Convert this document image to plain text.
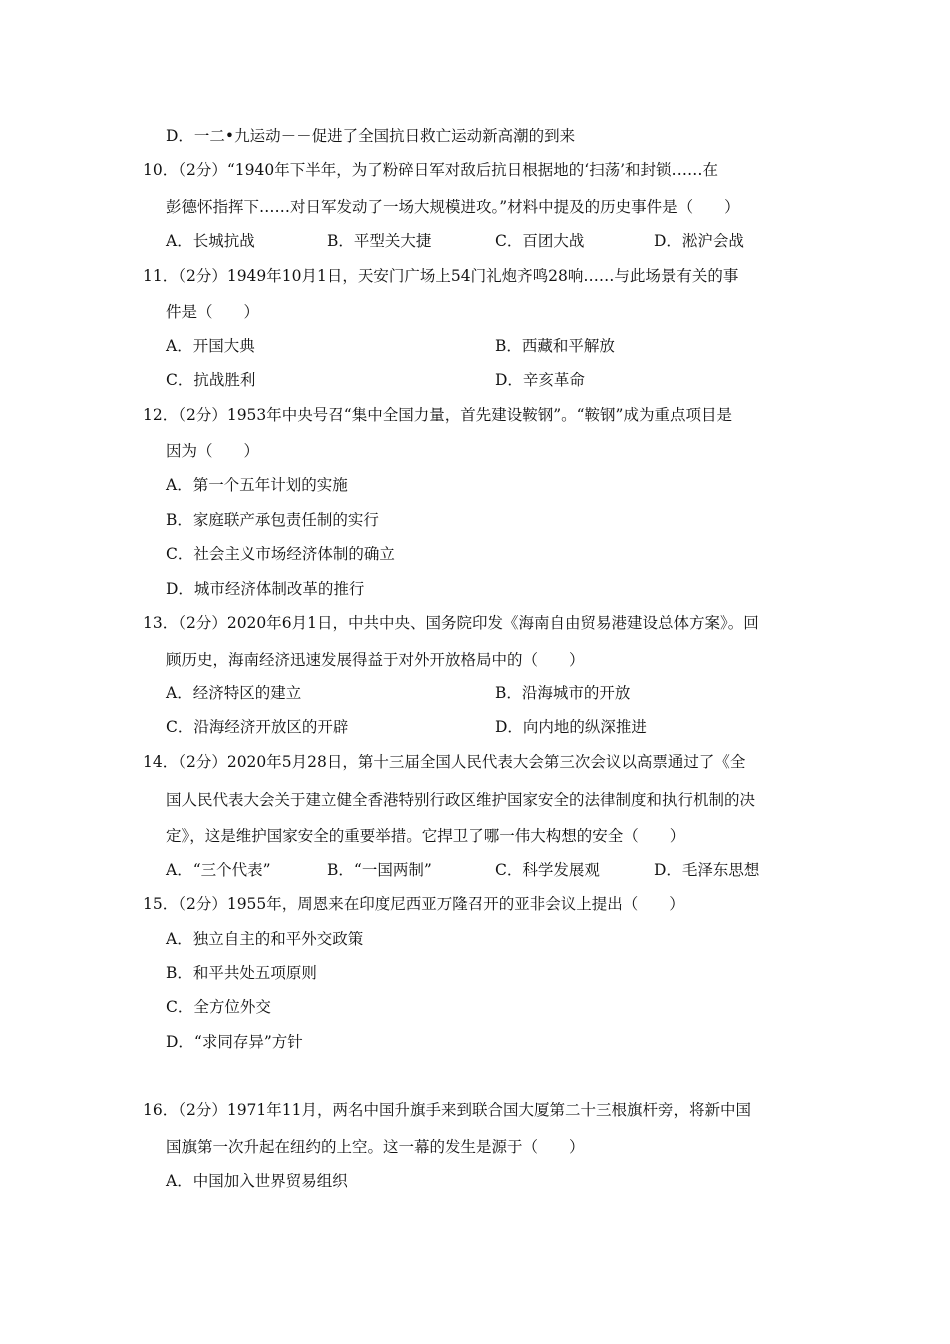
D．一二•九运动－－促进了全国抗日救亡运动新高潮的到来
10．（2分）“1940年下半年，为了粉碎日军对敌后抗日根据地的‘扫荡’和封锁……在
彭德怀指挥下……对日军发动了一场大规模进攻。”材料中提及的历史事件是（　　）
A．长城抗战	B．平型关大捷	C．百团大战	D．淞沪会战
11．（2分）1949年10月1日，天安门广场上54门礼炮齐鸣28响……与此场景有关的事
件是（　　）
A．开国大典	B．西藏和平解放
C．抗战胜利	D．辛亥革命
12．（2分）1953年中央号召“集中全国力量，首先建设鞍钢”。“鞍钢”成为重点项目是
因为（　　）
A．第一个五年计划的实施
B．家庭联产承包责任制的实行
C．社会主义市场经济体制的确立
D．城市经济体制改革的推行
13．（2分）2020年6月1日，中共中央、国务院印发《海南自由贸易港建设总体方案》。回
顾历史，海南经济迅速发展得益于对外开放格局中的（　　）
A．经济特区的建立	B．沿海城市的开放
C．沿海经济开放区的开辟	D．向内地的纵深推进
14．（2分）2020年5月28日，第十三届全国人民代表大会第三次会议以高票通过了《全
国人民代表大会关于建立健全香港特别行政区维护国家安全的法律制度和执行机制的决
定》，这是维护国家安全的重要举措。它捍卫了哪一伟大构想的安全（　　）
A．“三个代表”	B．“一国两制”	C．科学发展观	D．毛泽东思想
15．（2分）1955年，周恩来在印度尼西亚万隆召开的亚非会议上提出（　　）
A．独立自主的和平外交政策
B．和平共处五项原则
C．全方位外交
D．“求同存异”方针
16．（2分）1971年11月，两名中国升旗手来到联合国大厦第二十三根旗杆旁，将新中国
国旗第一次升起在纽约的上空。这一幕的发生是源于（　　）
A．中国加入世界贸易组织
